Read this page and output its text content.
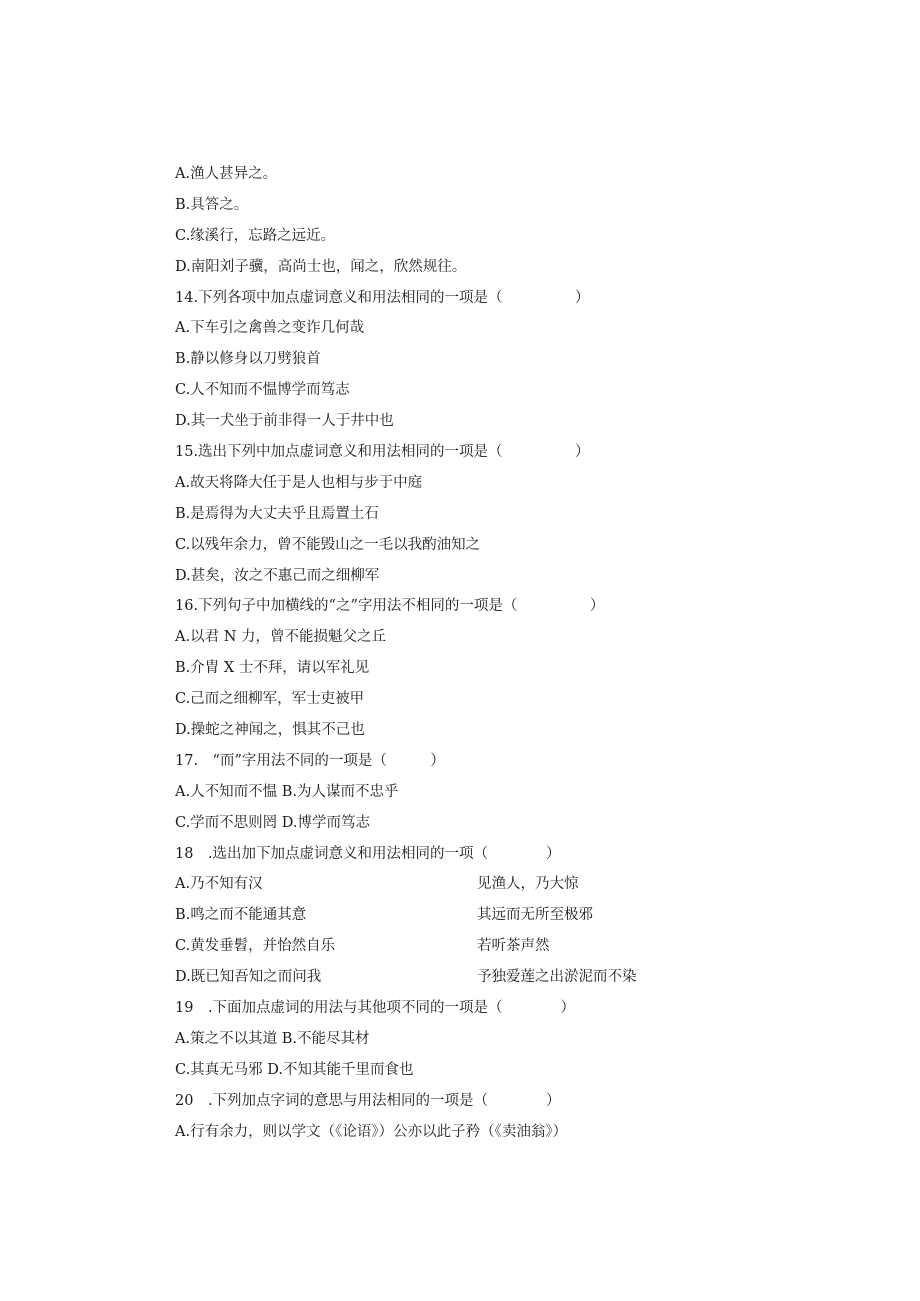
A.渔人甚异之。
B.具答之。
C.缘溪行，忘路之远近。
D.南阳刘子骥，高尚士也，闻之，欣然规往。
14.下列各项中加点虚词意义和用法相同的一项是（　　　　　）
A.下车引之禽兽之变诈几何哉
B.静以修身以刀劈狼首
C.人不知而不愠博学而笃志
D.其一犬坐于前非得一人于井中也
15.选出下列中加点虚词意义和用法相同的一项是（　　　　　）
A.故天将降大任于是人也相与步于中庭
B.是焉得为大丈夫乎且焉置土石
C.以残年余力，曾不能毁山之一毛以我酌油知之
D.甚矣，汝之不惠己而之细柳军
16.下列句子中加横线的“之”字用法不相同的一项是（　　　　　）
A.以君 N 力，曾不能损魁父之丘
B.介胄 X 士不拜，请以军礼见
C.己而之细柳军，军士吏被甲
D.操蛇之神闻之，惧其不己也
17.　“而”字用法不同的一项是（　　　）
A.人不知而不愠 B.为人谋而不忠乎
C.学而不思则罔 D.博学而笃志
18　.选出加下加点虚词意义和用法相同的一项（　　　　）
A.乃不知有汉	见渔人，乃大惊
B.鸣之而不能通其意	其远而无所至极邪
C.黄发垂髫，并怡然自乐	若听茶声然
D.既已知吾知之而问我	予独爱莲之出淤泥而不染
19　.下面加点虚词的用法与其他项不同的一项是（　　　　）
A.策之不以其道 B.不能尽其材
C.其真无马邪 D.不知其能千里而食也
20　.下列加点字词的意思与用法相同的一项是（　　　　）
A.行有余力，则以学文（《论语》）公亦以此子矜（《卖油翁》）
